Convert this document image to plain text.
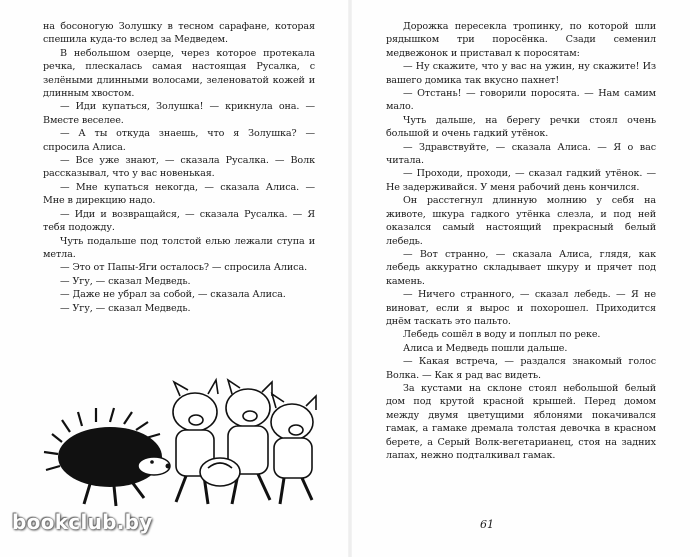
на босоногую Золушку в тесном сарафане, которая спешила куда-то вслед за Медведем.

В небольшом озерце, через которое протекала речка, плескалась самая настоящая Русалка, с зелёными длинными волосами, зеленоватой кожей и длинным хвостом.

— Иди купаться, Золушка! — крикнула она. — Вместе веселее.

— А ты откуда знаешь, что я Золушка? — спросила Алиса.

— Все уже знают, — сказала Русалка. — Волк рассказывал, что у вас новенькая.

— Мне купаться некогда, — сказала Алиса. — Мне в дирекцию надо.

— Иди и возвращайся, — сказала Русалка. — Я тебя подожду.

Чуть подальше под толстой елью лежали ступа и метла.

— Это от Папы-Яги осталось? — спросила Алиса.

— Угу, — сказал Медведь.

— Даже не убрал за собой, — сказала Алиса.

— Угу, — сказал Медведь.

Дорожка пересекла тропинку, по которой шли рядышком три поросёнка. Сзади семенил медвежонок и приставал к поросятам:

— Ну скажите, что у вас на ужин, ну скажите! Из вашего домика так вкусно пахнет!

— Отстань! — говорили поросята. — Нам самим мало.

Чуть дальше, на берегу речки стоял очень большой и очень гадкий утёнок.

— Здравствуйте, — сказала Алиса. — Я о вас читала.

— Проходи, проходи, — сказал гадкий утёнок. — Не задерживайся. У меня рабочий день кончился.

Он расстегнул длинную молнию у себя на животе, шкура гадкого утёнка слезла, и под ней оказался самый настоящий прекрасный белый лебедь.

— Вот странно, — сказала Алиса, глядя, как лебедь аккуратно складывает шкуру и прячет под камень.

— Ничего странного, — сказал лебедь. — Я не виноват, если я вырос и похорошел. Приходится днём таскать это пальто.

Лебедь сошёл в воду и поплыл по реке.

Алиса и Медведь пошли дальше.

— Какая встреча, — раздался знакомый голос Волка. — Как я рад вас видеть.

За кустами на склоне стоял небольшой белый дом под крутой красной крышей. Перед домом между двумя цветущими яблонями покачивался гамак, а гамаке дремала толстая девочка в красном берете, а Серый Волк-вегетарианец, стоя на задних лапах, нежно подталкивал гамак.

61
bookclub.by
